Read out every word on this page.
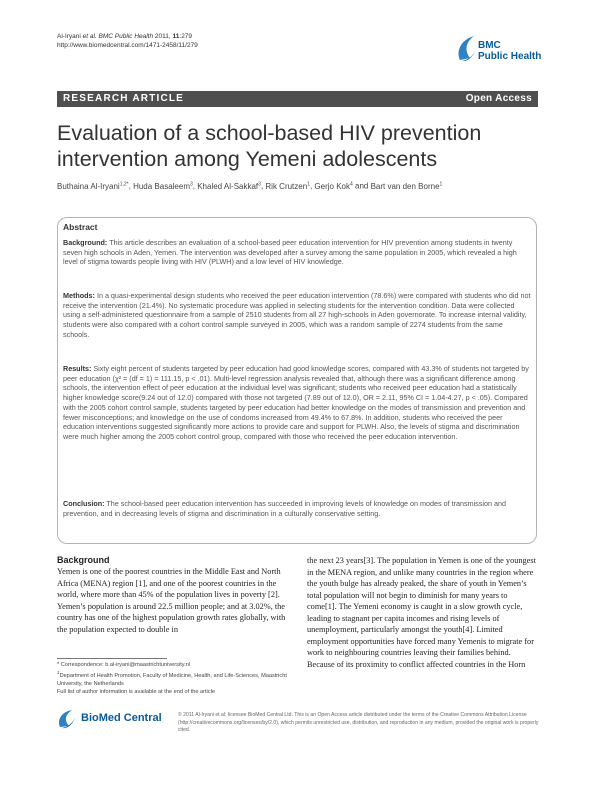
Al-Iryani et al. BMC Public Health 2011, 11:279
http://www.biomedcentral.com/1471-2458/11/279	BMC
Public Health
RESEARCH ARTICLE	Open Access
Evaluation of a school-based HIV prevention intervention among Yemeni adolescents
Buthaina Al-Iryani$^{1,2*}$, Huda Basaleem$^3$, Khaled Al-Sakkaf$^3$, Rik Crutzen$^1$, Gerjo Kok$^4$ and Bart van den Borne$^1$
Abstract
Background: This article describes an evaluation of a school-based peer education intervention for HIV prevention among students in twenty seven high schools in Aden, Yemen. The intervention was developed after a survey among the same population in 2005, which revealed a high level of stigma towards people living with HIV (PLWH) and a low level of HIV knowledge.
Methods: In a quasi-experimental design students who received the peer education intervention (78.6%) were compared with students who did not receive the intervention (21.4%). No systematic procedure was applied in selecting students for the intervention condition. Data were collected using a self-administered questionnaire from a sample of 2510 students from all 27 high-schools in Aden governorate. To increase internal validity, students were also compared with a cohort control sample surveyed in 2005, which was a random sample of 2274 students from the same schools.
Results: Sixty eight percent of students targeted by peer education had good knowledge scores, compared with 43.3% of students not targeted by peer education (χ² = (df = 1) = 111.15, p < .01). Multi-level regression analysis revealed that, although there was a significant difference among schools, the intervention effect of peer education at the individual level was significant; students who received peer education had a statistically higher knowledge score(9.24 out of 12.0) compared with those not targeted (7.89 out of 12.0), OR = 2.11, 95% CI = 1.04-4.27, p < .05). Compared with the 2005 cohort control sample, students targeted by peer education had better knowledge on the modes of transmission and prevention and fewer misconceptions; and knowledge on the use of condoms increased from 49.4% to 67.8%. In addition, students who received the peer education interventions suggested significantly more actions to provide care and support for PLWH. Also, the levels of stigma and discrimination were much higher among the 2005 cohort control group, compared with those who received the peer education intervention.
Conclusion: The school-based peer education intervention has succeeded in improving levels of knowledge on modes of transmission and prevention, and in decreasing levels of stigma and discrimination in a culturally conservative setting.
Background
Yemen is one of the poorest countries in the Middle East and North Africa (MENA) region [1], and one of the poorest countries in the world, where more than 45% of the population lives in poverty [2]. Yemen’s population is around 22.5 million people; and at 3.02%, the country has one of the highest population growth rates globally, with the population expected to double in
the next 23 years[3]. The population in Yemen is one of the youngest in the MENA region, and unlike many countries in the region where the youth bulge has already peaked, the share of youth in Yemen’s total population will not begin to diminish for many years to come[1]. The Yemeni economy is caught in a slow growth cycle, leading to stagnant per capita incomes and rising levels of unemployment, particularly amongst the youth[4]. Limited employment opportunities have forced many Yemenis to migrate for work to neighbouring countries leaving their families behind. Because of its proximity to conflict affected countries in the Horn
* Correspondence: b.al-iryani@maastrichtuniversity.nl
$^1$Department of Health Promotion, Faculty of Medicine, Health, and Life-Sciences, Maastricht University, the Netherlands
Full list of author information is available at the end of the article
BioMed Central	© 2011 Al-Iryani et al; licensee BioMed Central Ltd. This is an Open Access article distributed under the terms of the Creative Commons Attribution License (http://creativecommons.org/licenses/by/2.0), which permits unrestricted use, distribution, and reproduction in any medium, provided the original work is properly cited.
